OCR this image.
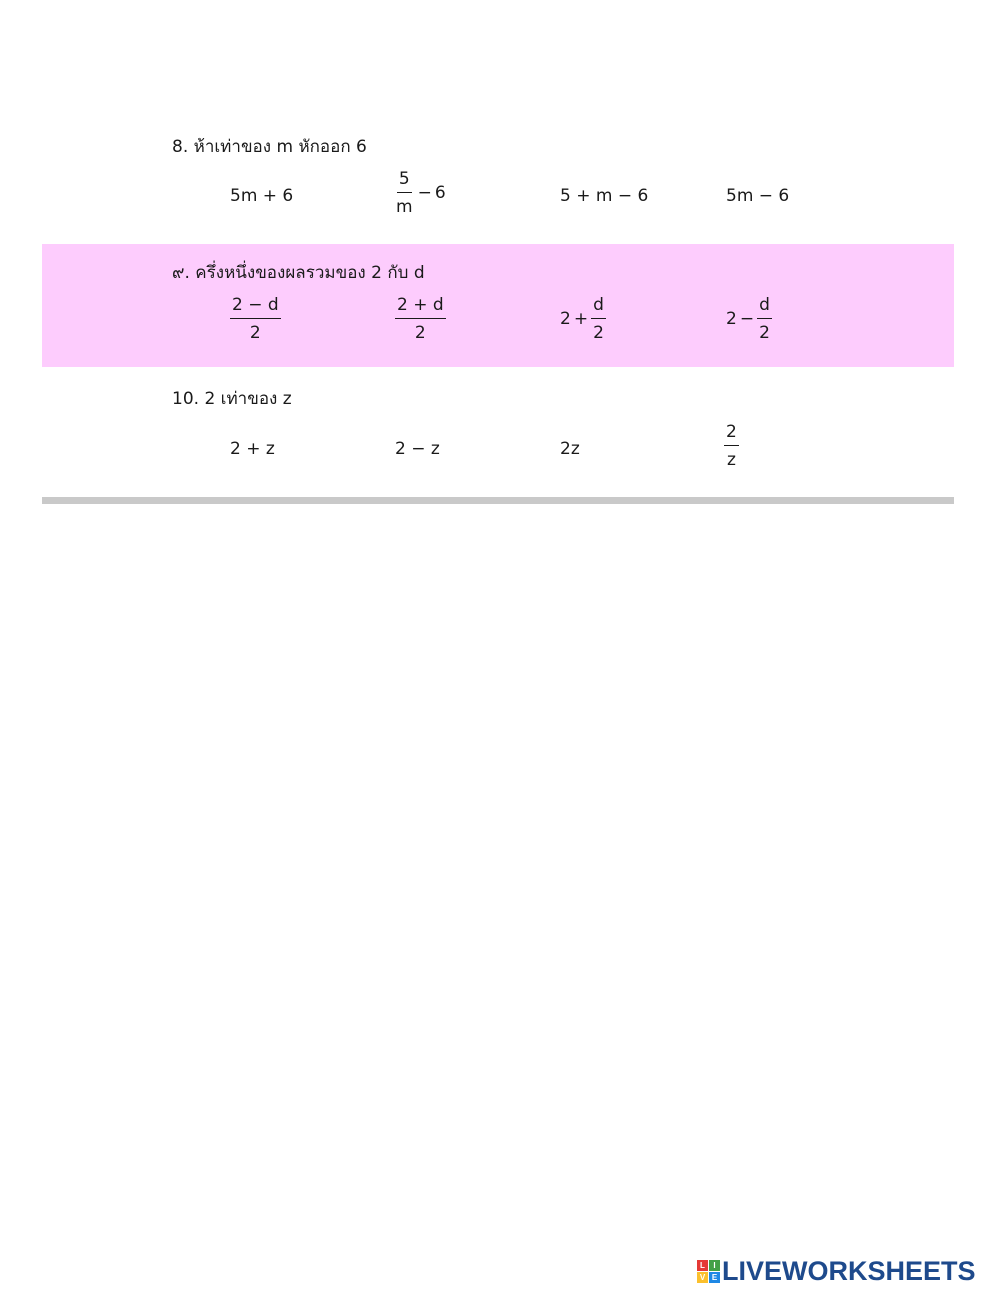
8. ห้าเท่าของ m หักออก 6
5m + 6	$\frac{5}{m} - 6$	5 + m − 6	5m − 6
๙. ครึ่งหนึ่งของผลรวมของ 2 กับ d
$\frac{2 - d}{2}$	$\frac{2 + d}{2}$	$2 + \frac{d}{2}$	$2 - \frac{d}{2}$
10. 2 เท่าของ z
2 + z	2 − z	2z	$\frac{2}{z}$
L	I
V E LIVEWORKSHEETS
